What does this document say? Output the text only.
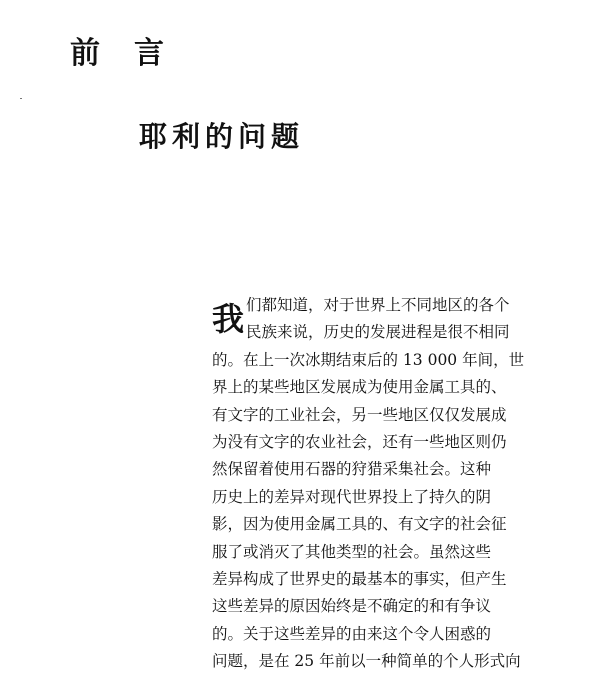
前言
耶利的问题
我 们都知道，对于世界上不同地区的各个
民族来说，历史的发展进程是很不相同
的。在上一次冰期结束后的 13 000 年间，世
界上的某些地区发展成为使用金属工具的、
有文字的工业社会，另一些地区仅仅发展成
为没有文字的农业社会，还有一些地区则仍
然保留着使用石器的狩猎采集社会。这种
历史上的差异对现代世界投上了持久的阴
影，因为使用金属工具的、有文字的社会征
服了或消灭了其他类型的社会。虽然这些
差异构成了世界史的最基本的事实，但产生
这些差异的原因始终是不确定的和有争议
的。关于这些差异的由来这个令人困惑的
问题，是在 25 年前以一种简单的个人形式向
